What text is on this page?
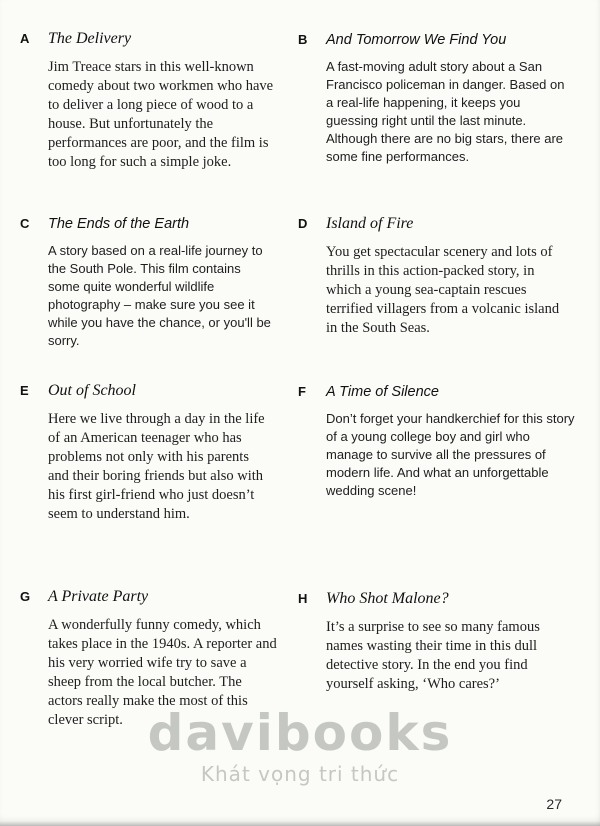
A	The Delivery

Jim Treace stars in this well-known comedy about two workmen who have to deliver a long piece of wood to a house. But unfortunately the performances are poor, and the film is too long for such a simple joke.

B	And Tomorrow We Find You

A fast-moving adult story about a San Francisco policeman in danger. Based on a real-life happening, it keeps you guessing right until the last minute. Although there are no big stars, there are some fine performances.

C	The Ends of the Earth

A story based on a real-life journey to the South Pole. This film contains some quite wonderful wildlife photography – make sure you see it while you have the chance, or you'll be sorry.

D	Island of Fire

You get spectacular scenery and lots of thrills in this action-packed story, in which a young sea-captain rescues terrified villagers from a volcanic island in the South Seas.

E	Out of School

Here we live through a day in the life of an American teenager who has problems not only with his parents and their boring friends but also with his first girl-friend who just doesn’t seem to understand him.

F	A Time of Silence

Don’t forget your handkerchief for this story of a young college boy and girl who manage to survive all the pressures of modern life. And what an unforgettable wedding scene!

G	A Private Party

A wonderfully funny comedy, which takes place in the 1940s. A reporter and his very worried wife try to save a sheep from the local butcher. The actors really make the most of this clever script.

H	Who Shot Malone?

It’s a surprise to see so many famous names wasting their time in this dull detective story. In the end you find yourself asking, ‘Who cares?’

davibooks
Khát vọng tri thức
27
